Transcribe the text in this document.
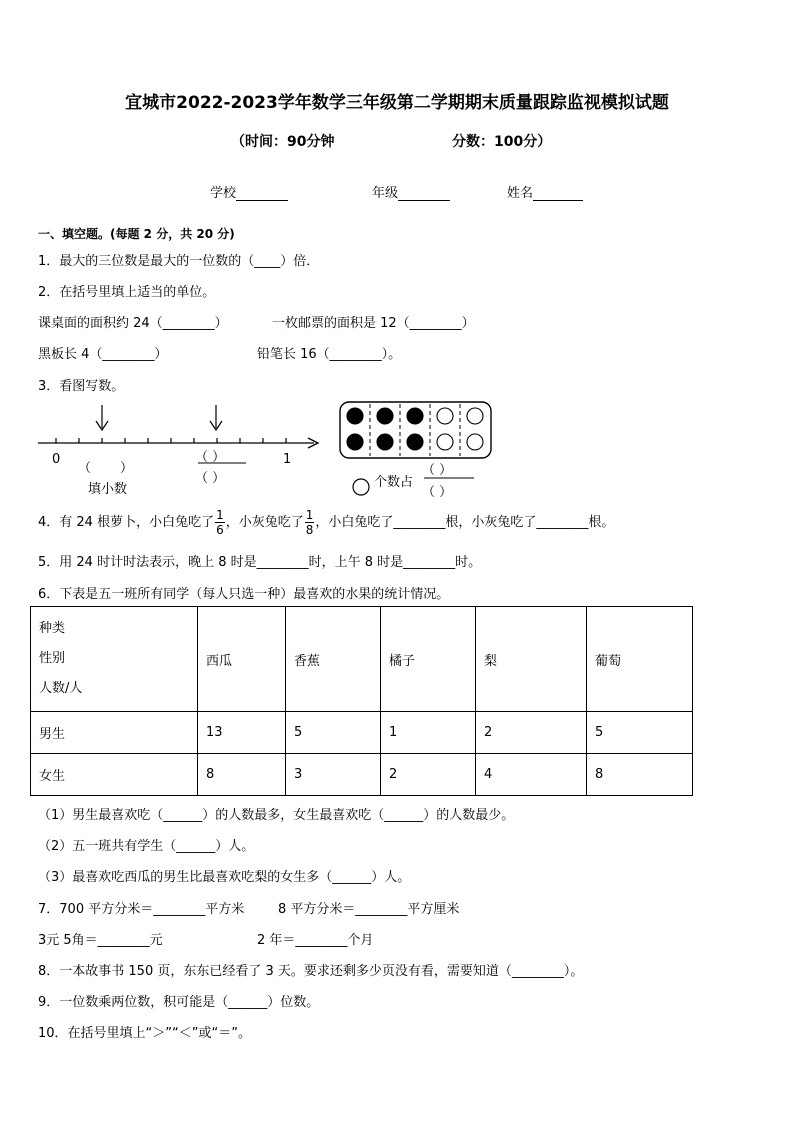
宜城市2022-2023学年数学三年级第二学期期末质量跟踪监视模拟试题
（时间：90分钟	分数：100分）
学校	年级	姓名
一、填空题。(每题 2 分，共 20 分)
1．最大的三位数是最大的一位数的（____）倍．
2．在括号里填上适当的单位。
课桌面的面积约 24（________）	一枚邮票的面积是 12（________）
黑板长 4（________）	铅笔长 16（________）。
3．看图写数。
0	1
（ ）
填小数
（ ）
（ ）	个数占
（ ）
（ ）
4．有 24 根萝卜，小白兔吃了 $\frac{1}{6}$ ，小灰兔吃了 $\frac{1}{8}$ ，小白兔吃了________根，小灰兔吃了________根。
5．用 24 时计时法表示，晚上 8 时是________时，上午 8 时是________时。
6．下表是五一班所有同学（每人只选一种）最喜欢的水果的统计情况。
种类
性别
人数/人	西瓜	香蕉	橘子	梨	葡萄
男生	13	5	1	2	5
女生	8	3	2	4	8
（1）男生最喜欢吃（______）的人数最多，女生最喜欢吃（______）的人数最少。
（2）五一班共有学生（______）人。
（3）最喜欢吃西瓜的男生比最喜欢吃梨的女生多（______）人。
7．700 平方分米＝________平方米	8 平方分米＝________平方厘米
3元 5角＝________元	2 年＝________个月
8．一本故事书 150 页，东东已经看了 3 天。要求还剩多少页没有看，需要知道（________）。
9．一位数乘两位数，积可能是（______）位数。
10．在括号里填上“＞”“＜”或“＝”。
